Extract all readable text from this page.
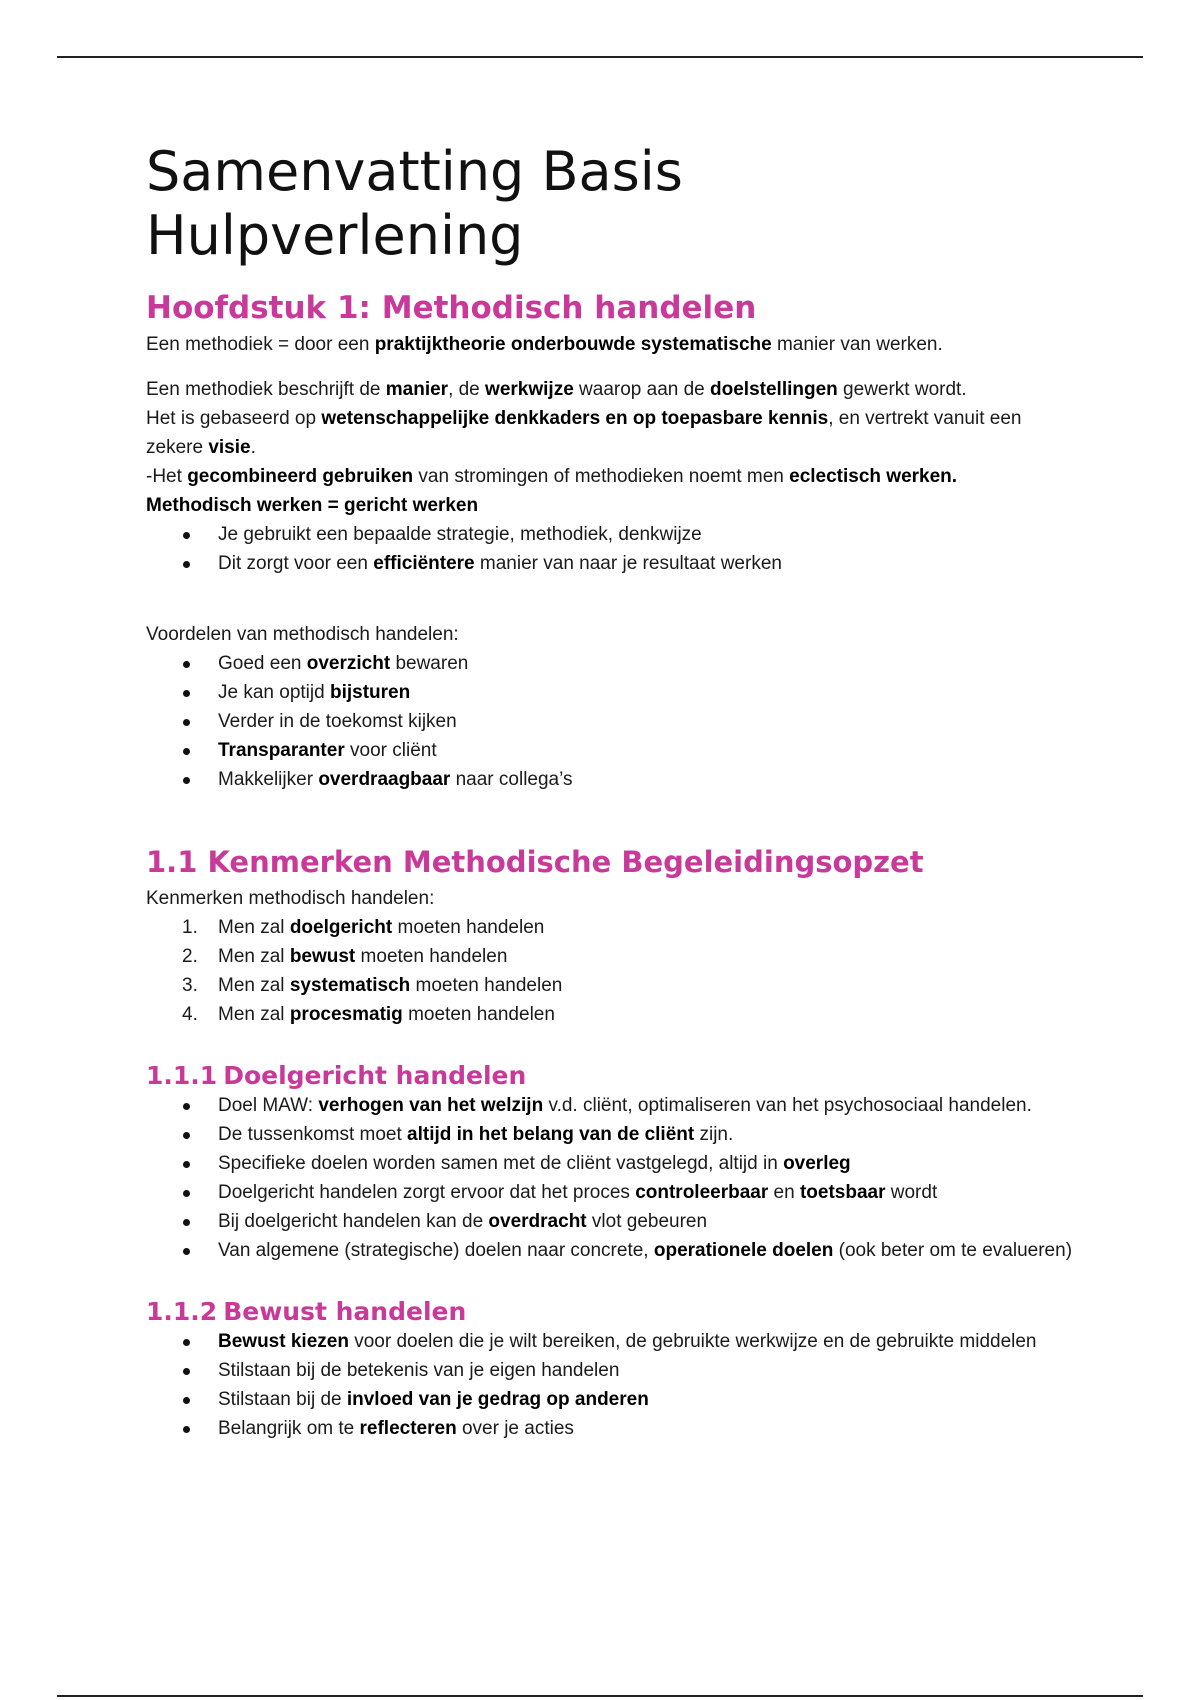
Samenvatting Basis
Hulpverlening
Hoofdstuk 1: Methodisch handelen

Een methodiek = door een praktijktheorie onderbouwde systematische manier van werken.

Een methodiek beschrijft de manier, de werkwijze waarop aan de doelstellingen gewerkt wordt.

Het is gebaseerd op wetenschappelijke denkkaders en op toepasbare kennis, en vertrekt vanuit een zekere visie.

-Het gecombineerd gebruiken van stromingen of methodieken noemt men eclectisch werken.

Methodisch werken = gericht werken

Je gebruikt een bepaalde strategie, methodiek, denkwijze
Dit zorgt voor een efficiëntere manier van naar je resultaat werken

Voordelen van methodisch handelen:

Goed een overzicht bewaren
Je kan optijd bijsturen
Verder in de toekomst kijken
Transparanter voor cliënt
Makkelijker overdraagbaar naar collega’s
1.1 Kenmerken Methodische Begeleidingsopzet

Kenmerken methodisch handelen:

1. Men zal doelgericht moeten handelen
2. Men zal bewust moeten handelen
3. Men zal systematisch moeten handelen
4. Men zal procesmatig moeten handelen
1.1.1 Doelgericht handelen
Doel MAW: verhogen van het welzijn v.d. cliënt, optimaliseren van het psychosociaal handelen.
De tussenkomst moet altijd in het belang van de cliënt zijn.
Specifieke doelen worden samen met de cliënt vastgelegd, altijd in overleg
Doelgericht handelen zorgt ervoor dat het proces controleerbaar en toetsbaar wordt
Bij doelgericht handelen kan de overdracht vlot gebeuren
Van algemene (strategische) doelen naar concrete, operationele doelen (ook beter om te evalueren)
1.1.2 Bewust handelen
Bewust kiezen voor doelen die je wilt bereiken, de gebruikte werkwijze en de gebruikte middelen
Stilstaan bij de betekenis van je eigen handelen
Stilstaan bij de invloed van je gedrag op anderen
Belangrijk om te reflecteren over je acties
